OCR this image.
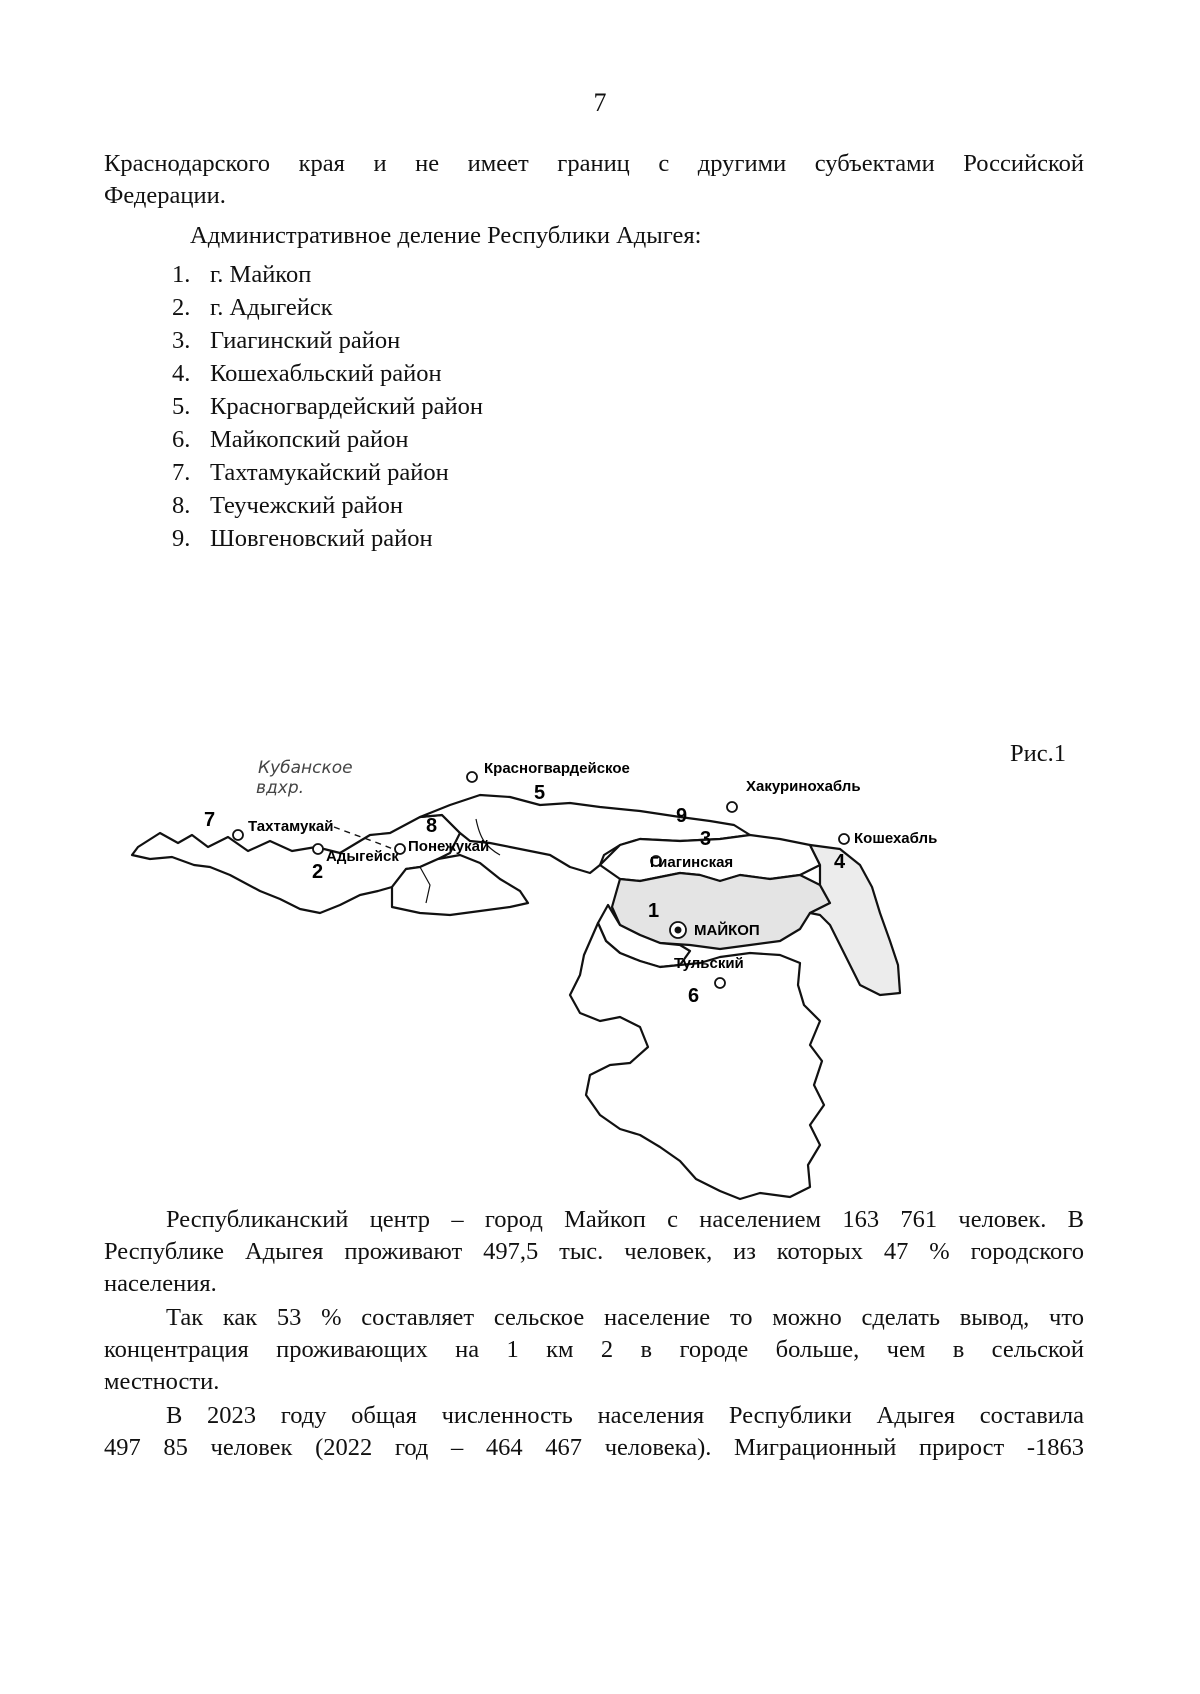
7
Краснодарского края и не имеет границ с другими субъектами Российской
Федерации.
Административное деление Республики Адыгея:
1. г. Майкоп
2. г. Адыгейск
3. Гиагинский район
4. Кошехабльский район
5. Красногвардейский район
6. Майкопский район
7. Тахтамукайский район
8. Теучежский район
9. Шовгеновский район
Рис.1
Кубанское
вдхр.
1
2
3
4
5
6
7	8	9
Красногвардейское
Хакуринохабль
Кошехабль
Гиагинская
Тахтамукай
Понежукай
Адыгейск
МАЙКОП
Тульский
Республиканский центр – город Майкоп с населением 163 761 человек. В
Республике Адыгея проживают 497,5 тыс. человек, из которых 47 % городского
населения.
Так как 53 % составляет сельское население то можно сделать вывод, что
концентрация проживающих на 1 км 2 в городе больше, чем в сельской
местности.
В 2023 году общая численность населения Республики Адыгея составила
497 85 человек (2022 год – 464 467 человека). Миграционный прирост -1863
